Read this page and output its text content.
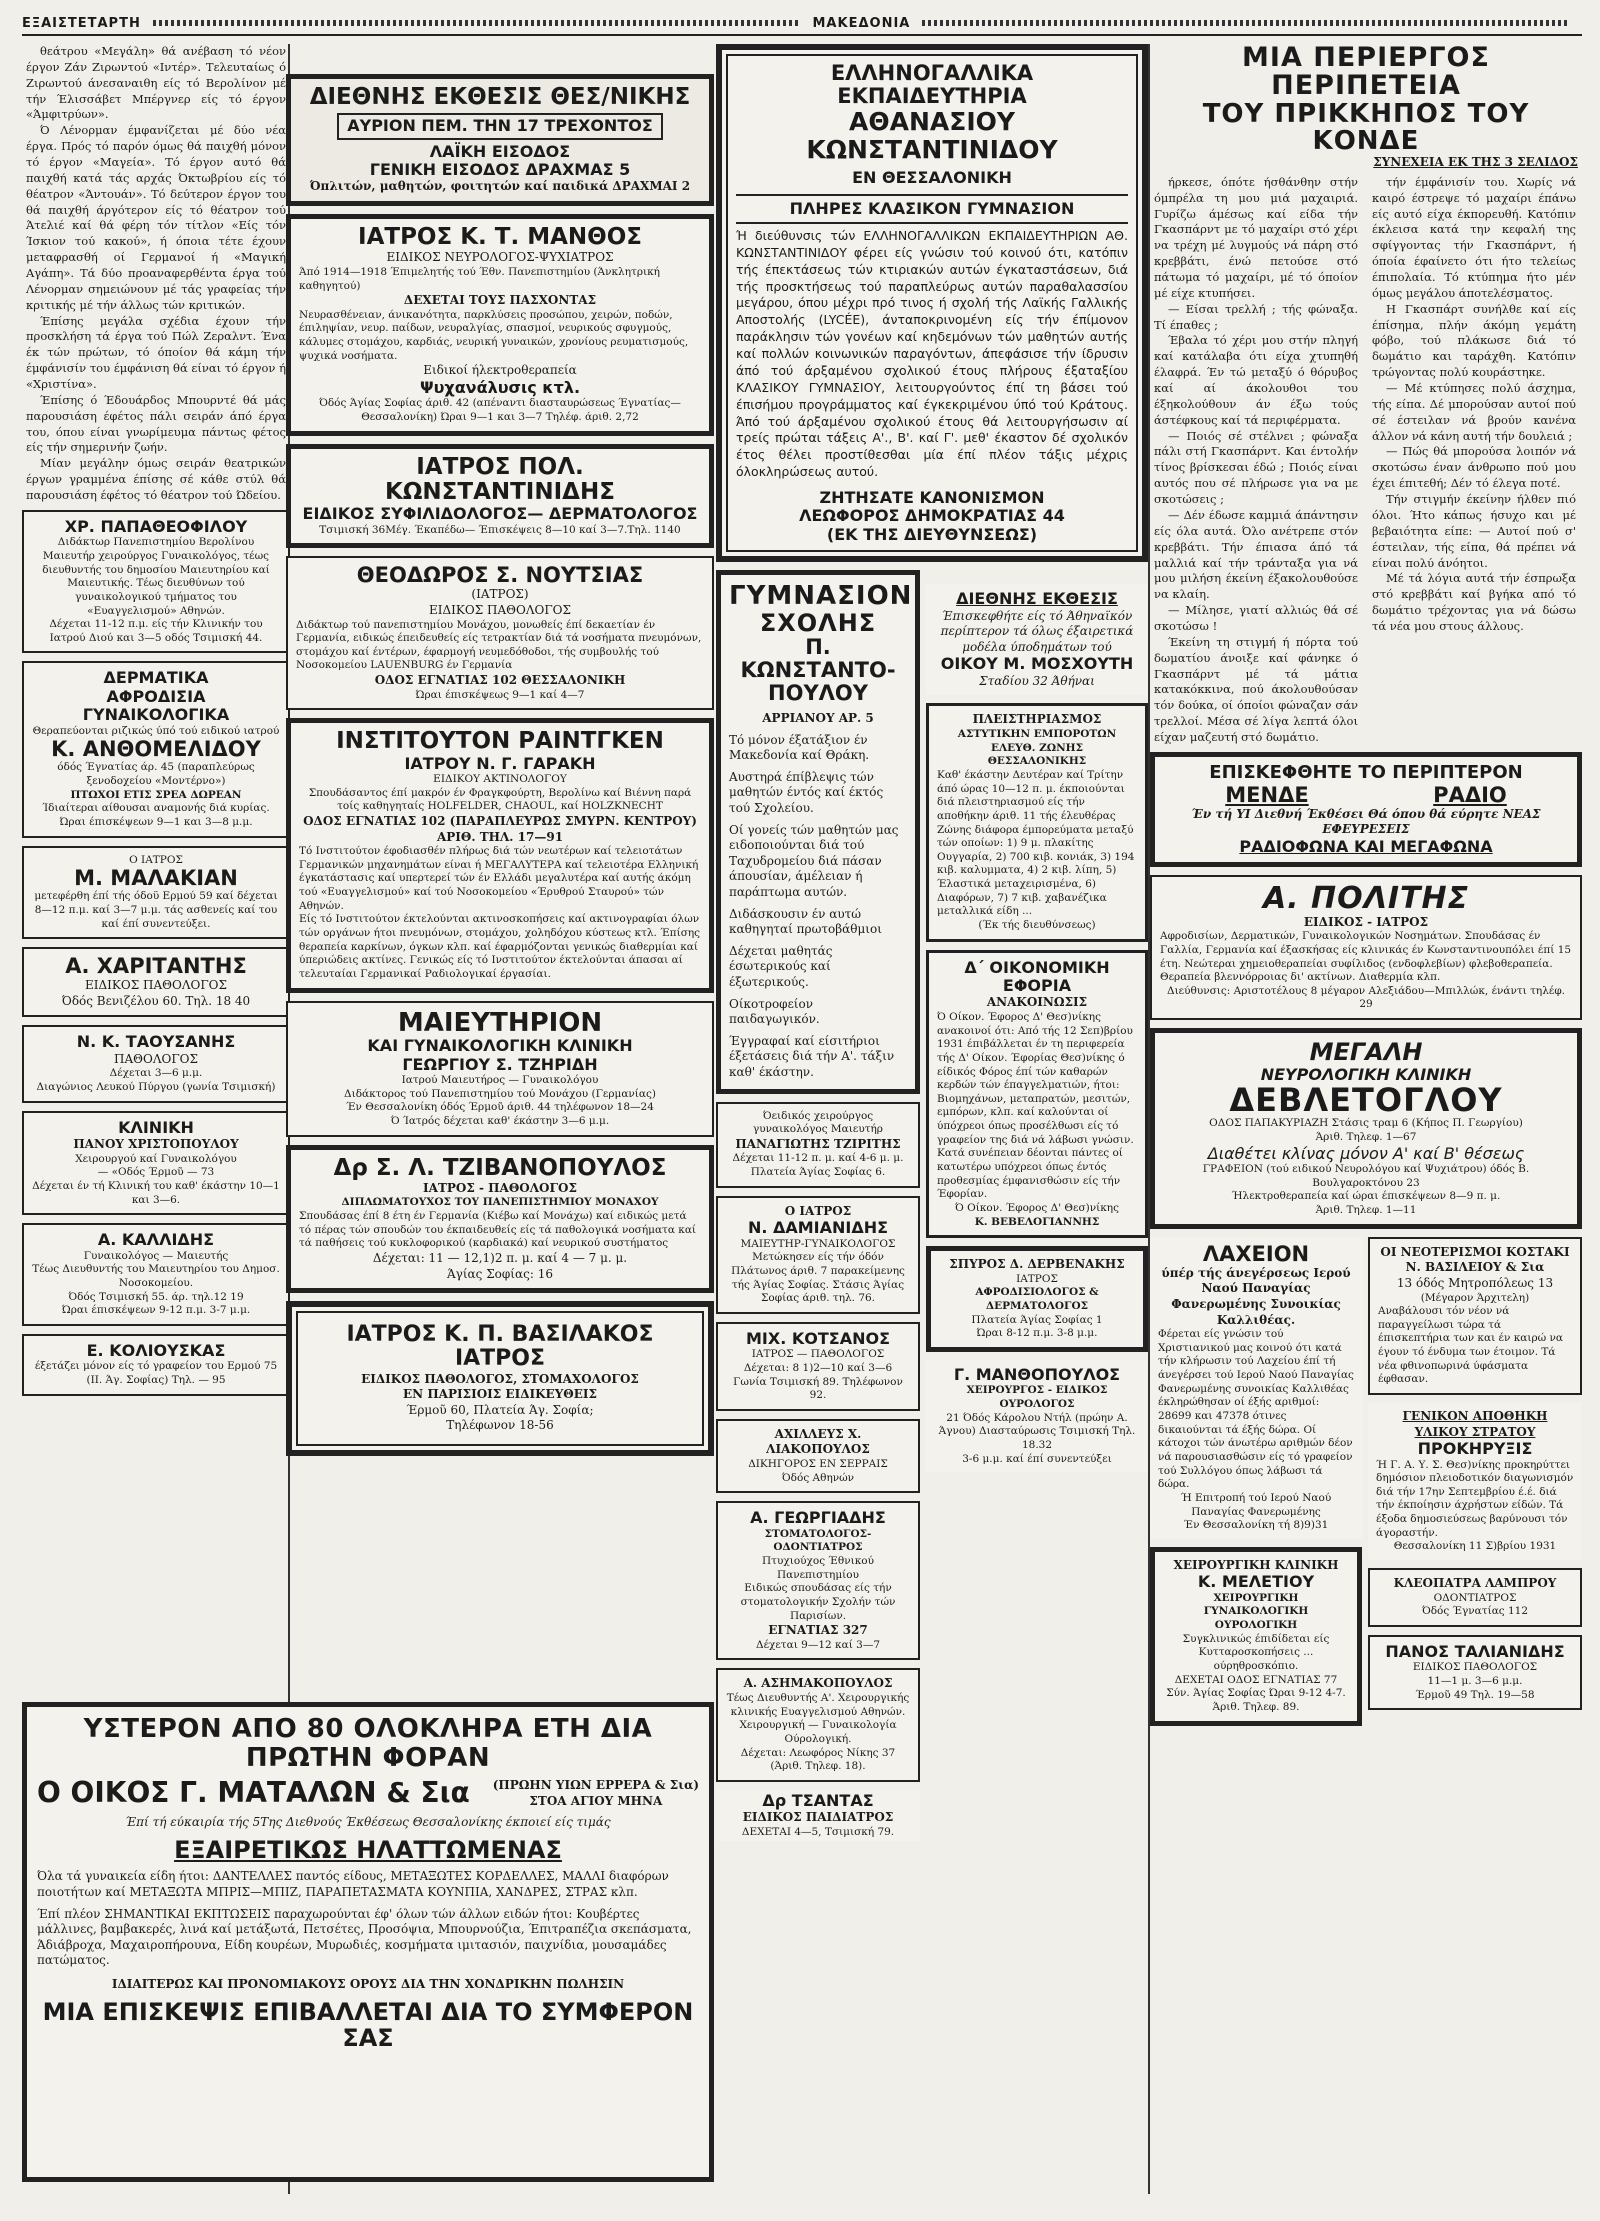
ΕΞΑΙΣΤΕΤΑΡΤΗ	ΜΑΚΕΔΟΝΙΑ

θεάτρου «Μεγάλη» θά ανέβαση τό νέον έργον Ζάν Ζιρωντού «Ιντέρ». Τελευταίως ό Ζιρωντού άνεσαναιθη είς τό Βερολίνον μέ τήν Έλισσάβετ Μπέργνερ είς τό έργον «Άμφιτρύων».

Ό Λένορμαν έμφανίζεται μέ δύο νέα έργα. Πρός τό παρόν όμως θά παιχθή μόνον τό έργον «Μαγεία». Τό έργον αυτό θά παιχθή κατά τάς αρχάς Όκτωβρίου είς τό θέατρον «Άντουάν». Τό δεύτερον έργον του θά παιχθή άργότερον είς τό θέατρον τού Άτελιέ καί θά φέρη τόν τίτλον «Είς τόν Ίσκιον τού κακού», ή όποια τέτε έχουν μεταφρασθή οί Γερμανοί ή «Μαγική Αγάπη». Τά δύο προαναφερθέντα έργα τού Λένορμαν σημειώνουν μέ τάς γραφείας τήν κριτικής μέ τήν άλλως τών κριτικών.

Έπίσης μεγάλα σχέδια έχουν τήν προσκλήση τά έργα τού Πώλ Ζεραλντ. Ένα έκ τών πρώτων, τό όποίον θά κάμη τήν έμφάνισίν του έμφάνιση θά είναι τό έργον ή «Χριστίνα».

Έπίσης ό Έδουάρδος Μπουρντέ θά μάς παρουσιάση έφέτος πάλι σειράν άπό έργα του, όπου είναι γνωρίμευμα πάντως φέτος είς τήν σημερινήν ζωήν.

Μίαν μεγάλην όμως σειράν θεατρικών έργων γραμμένα έπίσης σέ κάθε στύλ θά παρουσιάση έφέτος τό θέατρον τού Ώδείου.

ΧΡ. ΠΑΠΑΘΕΟΦΙΛΟΥ
Διδάκτωρ Πανεπιστημίου Βερολίνου Μαιευτήρ χειρούργος Γυναικολόγος, τέως διευθυντής του δημοσίου Μαιευτηρίου καί Μαιευτικής. Τέως διευθύνων τού γυναικολογικού τμήματος του «Ευαγγελισμού» Αθηνών.
Δέχεται 11-12 π.μ. είς τήν Κλινικήν του Ιατρού Διού και 3—5 οδός Τσιμισκή 44.
ΔΕΡΜΑΤΙΚΑ
ΑΦΡΟΔΙΣΙΑ
ΓΥΝΑΙΚΟΛΟΓΙΚΑ
Θεραπεύονται ριζικώς ύπό τού ειδικού ιατρού
Κ. ΑΝΘΟΜΕΛΙΔΟΥ
όδός Έγνατίας άρ. 45 (παραπλεύρως ξενοδοχείου «Μοντέρνο»)
ΠΤΩΧΟΙ ΕΤΙΣ ΣΡΕΑ ΔΩΡΕΑΝ
Ίδιαίτεραι αίθουσαι αναμονής διά κυρίας.
Ώραι έπισκέψεων 9—1 και 3—8 μ.μ.
Ο ΙΑΤΡΟΣ
Μ. ΜΑΛΑΚΙΑΝ
μετεφέρθη έπί τής όδοϋ Ερμού 59 καί δέχεται 8—12 π.μ. καί 3—7 μ.μ. τάς ασθενείς καί του καί έπί συνεντεύξει.
Α. ΧΑΡΙΤΑΝΤΗΣ
ΕΙΔΙΚΟΣ ΠΑΘΟΛΟΓΟΣ
Όδός Βενιζέλου 60. Τηλ. 18 40
Ν. Κ. ΤΑΟΥΣΑΝΗΣ
ΠΑΘΟΛΟΓΟΣ
Δέχεται 3—6 μ.μ.
Διαγώνιος Λευκού Πύργου (γωνία Τσιμισκή)
ΚΛΙΝΙΚΗ
ΠΑΝΟΥ ΧΡΙΣΤΟΠΟΥΛΟΥ
Χειρουργού καί Γυναικολόγου
— «Οδός Έρμοῦ — 73
Δέχεται έν τή Κλινική του καθ' έκάστην 10—1 και 3—6.
Α. ΚΑΛΛΙΔΗΣ
Γυναικολόγος — Μαιευτής
Τέως Διευθυντής του Μαιευτηρίου του Δημοσ. Νοσοκομείου.
Όδός Τσιμισκή 55. άρ. τηλ.12 19
Ώραι έπισκέψεων 9-12 π.μ. 3-7 μ.μ.
Ε. ΚΟΛΙΟΥΣΚΑΣ
έξετάζει μόνον είς τό γραφείον του Ερμού 75 (II. Άγ. Σοφίας) Τηλ. — 95
ΔΙΕΘΝΗΣ ΕΚΘΕΣΙΣ ΘΕΣ/ΝΙΚΗΣ
ΑΥΡΙΟΝ ΠΕΜ. ΤΗΝ 17 ΤΡΕΧΟΝΤΟΣ
ΛΑΪΚΗ ΕΙΣΟΔΟΣ
ΓΕΝΙΚΗ ΕΙΣΟΔΟΣ ΔΡΑΧΜΑΣ 5
Όπλιτών, μαθητών, φοιτητών καί παιδικά ΔΡΑΧΜΑΙ 2
ΙΑΤΡΟΣ Κ. Τ. ΜΑΝΘΟΣ
ΕΙΔΙΚΟΣ ΝΕΥΡΟΛΟΓΟΣ-ΨΥΧΙΑΤΡΟΣ
Άπό 1914—1918 Έπιμελητής τού Έθν. Πανεπιστημίου (Άνκλητρική καθηγητού)
ΔΕΧΕΤΑΙ ΤΟΥΣ ΠΑΣΧΟΝΤΑΣ
Νευρασθένειαν, άνικανότητα, παρκλύσεις προσώπου, χειρών, ποδών, έπιληψίαν, νευρ. παίδων, νευραλγίας, σπασμοί, νευρικούς σφυγμούς, κάλυμες στομάχου, καρδιάς, νευρική γυναικών, χρονίους ρευματισμούς, ψυχικά νοσήματα.
Ειδικοί ήλεκτροθεραπεία
Ψυχανάλυσις κτλ.
Όδός Άγίας Σοφίας άριθ. 42 (απέναντι διασταυρώσεως Έγνατίας—Θεσσαλονίκη) Ώραι 9—1 και 3—7 Τηλέφ. άριθ. 2,72
ΙΑΤΡΟΣ ΠΟΛ. ΚΩΝΣΤΑΝΤΙΝΙΔΗΣ
ΕΙΔΙΚΟΣ ΣΥΦΙΛΙΔΟΛΟΓΟΣ— ΔΕΡΜΑΤΟΛΟΓΟΣ
Τσιμισκή 36Μέγ. Έκαπέδω— Έπισκέψεις 8—10 καί 3—7.Τηλ. 1140
ΘΕΟΔΩΡΟΣ Σ. ΝΟΥΤΣΙΑΣ
(ΙΑΤΡΟΣ)
ΕΙΔΙΚΟΣ ΠΑΘΟΛΟΓΟΣ
Διδάκτωρ τού πανεπιστημίου Μονάχου, μονωθείς έπί δεκαετίαν έν Γερμανία, ειδικώς έπειδευθείς είς τετρακτίαν διά τά νοσήματα πνευμόνων, στομάχου καί έντέρων, έφαρμογή νευμεδόθοδοι, τής συμβουλής τού Νοσοκομείου LAUENBURG έν Γερμανία
ΟΔΟΣ ΕΓΝΑΤΙΑΣ 102 ΘΕΣΣΑΛΟΝΙΚΗ
Ώραι έπισκέψεως 9—1 καί 4—7
ΙΝΣΤΙΤΟΥΤΟΝ ΡΑΙΝΤΓΚΕΝ
ΙΑΤΡΟΥ Ν. Γ. ΓΑΡΑΚΗ
ΕΙΔΙΚΟΥ ΑΚΤΙΝΟΛΟΓΟΥ
Σπουδάσαντος έπί μακρόν έν Φραγκφούρτη, Βερολίνω καί Βιέννη παρά τοίς καθηγηταίς HOLFELDER, CHAOUL, καί HOLZKNECHT
ΟΔΟΣ ΕΓΝΑΤΙΑΣ 102 (ΠΑΡΑΠΛΕΥΡΩΣ ΣΜΥΡΝ. ΚΕΝΤΡΟΥ)
ΑΡΙΘ. ΤΗΛ. 17—91
Τό Ινστιτούτον έφοδιασθέν πλήρως διά τών νεωτέρων καί τελειοτάτων Γερμανικών μηχανημάτων είναι ή ΜΕΓΑΛΥΤΕΡΑ καί τελειοτέρα Ελληνική έγκατάστασις καί υπερτερεί τών έν Ελλάδι μεγαλυτέρα καί αυτής άκόμη τού «Ευαγγελισμού» καί τού Νοσοκομείου «Έρυθρού Σταυρού» τών Αθηνών.
Είς τό Ινστιτούτον έκτελούνται ακτινοσκοπήσεις καί ακτινογραφίαι όλων τών οργάνων ήτοι πνευμόνων, στομάχου, χοληδόχου κύστεως κτλ. Έπίσης θεραπεία καρκίνων, όγκων κλπ. καί έφαρμόζονται γενικώς διαθερμίαι καί ύπεριώδεις ακτίνες. Γενικώς είς τό Ινστιτούτον έκτελούνται άπασαι αί τελευταίαι Γερμανικαί Ραδιολογικαί έργασίαι.
ΜΑΙΕΥΤΗΡΙΟΝ
ΚΑΙ ΓΥΝΑΙΚΟΛΟΓΙΚΗ ΚΛΙΝΙΚΗ
ΓΕΩΡΓΙΟΥ Σ. ΤΖΗΡΙΔΗ
Ιατρού Μαιευτήρος — Γυναικολόγου
Διδάκτορος τού Πανεπιστημίου τού Μονάχου (Γερμανίας)
Έν Θεσσαλονίκη όδός Έρμοῦ άριθ. 44 τηλέφωνον 18—24
Ό Ίατρός δέχεται καθ' έκάστην 3—6 μ.μ.
Δρ Σ. Λ. ΤΖΙΒΑΝΟΠΟΥΛΟΣ
ΙΑΤΡΟΣ - ΠΑΘΟΛΟΓΟΣ
ΔΙΠΛΩΜΑΤΟΥΧΟΣ ΤΟΥ ΠΑΝΕΠΙΣΤΗΜΙΟΥ ΜΟΝΑΧΟΥ
Σπουδάσας έπί 8 έτη έν Γερμανία (Κιέβω καί Μονάχω) καί ειδικώς μετά τό πέρας τών σπουδών του έκπαιδευθείς είς τά παθολογικά νοσήματα καί τά παθήσεις τού κυκλοφορικού (καρδιακά) καί νευρικού συστήματος
Δέχεται: 11 — 12,1)2 π. μ. καί 4 — 7 μ. μ.
Άγίας Σοφίας: 16
ΙΑΤΡΟΣ Κ. Π. ΒΑΣΙΛΑΚΟΣ ΙΑΤΡΟΣ
ΕΙΔΙΚΟΣ ΠΑΘΟΛΟΓΟΣ, ΣΤΟΜΑΧΟΛΟΓΟΣ
ΕΝ ΠΑΡΙΣΙΟΙΣ ΕΙΔΙΚΕΥΘΕΙΣ
Έρμοῦ 60, Πλατεία Άγ. Σοφία;
Τηλέφωνον 18-56
ΥΣΤΕΡΟΝ ΑΠΟ 80 ΟΛΟΚΛΗΡΑ ΕΤΗ ΔΙΑ ΠΡΩΤΗΝ ΦΟΡΑΝ
Ο ΟΙΚΟΣ Γ. ΜΑΤΑΛΩΝ & Σια (ΠΡΩΗΝ ΥΙΩΝ ΕΡΡΕΡΑ & Σια)
ΣΤΟΑ ΑΓΙΟΥ ΜΗΝΑ
Έπί τή εύκαιρία τής 5Της Διεθνούς Έκθέσεως Θεσσαλονίκης έκποιεί είς τιμάς
ΕΞΑΙΡΕΤΙΚΩΣ ΗΛΑΤΤΩΜΕΝΑΣ
Όλα τά γυναικεία είδη ήτοι: ΔΑΝΤΕΛΛΕΣ παντός είδους, ΜΕΤΑΞΩΤΕΣ ΚΟΡΔΕΛΛΕΣ, ΜΑΛΛΙ διαφόρων ποιοτήτων καί ΜΕΤΑΞΩΤΑ ΜΠΡΙΣ—ΜΠΙΖ, ΠΑΡΑΠΕΤΑΣΜΑΤΑ ΚΟΥΝΠΙΑ, ΧΑΝΔΡΕΣ, ΣΤΡΑΣ κλπ.
Έπί πλέον ΣΗΜΑΝΤΙΚΑΙ ΕΚΠΤΩΣΕΙΣ παραχωρούνται έφ' όλων τών άλλων ειδών ήτοι: Κουβέρτες μάλλινες, βαμβακερές, λινά καί μετάξωτά, Πετσέτες, Προσόψια, Μπουρνούζια, Έπιτραπέζια σκεπάσματα, Άδιάβροχα, Μαχαιροπήρουνα, Είδη κουρέων, Μυρωδιές, κοσμήματα ιμιτασιόν, παιχνίδια, μουσαμάδες πατώματος.
ΙΔΙΑΙΤΕΡΩΣ ΚΑΙ ΠΡΟΝΟΜΙΑΚΟΥΣ ΟΡΟΥΣ ΔΙΑ ΤΗΝ ΧΟΝΔΡΙΚΗΝ ΠΩΛΗΣΙΝ
ΜΙΑ ΕΠΙΣΚΕΨΙΣ ΕΠΙΒΑΛΛΕΤΑΙ ΔΙΑ ΤΟ ΣΥΜΦΕΡΟΝ ΣΑΣ
ΕΛΛΗΝΟΓΑΛΛΙΚΑ ΕΚΠΑΙΔΕΥΤΗΡΙΑ
ΑΘΑΝΑΣΙΟΥ ΚΩΝΣΤΑΝΤΙΝΙΔΟΥ
ΕΝ ΘΕΣΣΑΛΟΝΙΚΗ
ΠΛΗΡΕΣ ΚΛΑΣΙΚΟΝ ΓΥΜΝΑΣΙΟΝ
Ή διεύθυνσις τών ΕΛΛΗΝΟΓΑΛΛΙΚΩΝ ΕΚΠΑΙΔΕΥΤΗΡΙΩΝ ΑΘ. ΚΩΝΣΤΑΝΤΙΝΙΔΟΥ φέρει είς γνώσιν τού κοινού ότι, κατόπιν τής έπεκτάσεως τών κτιριακών αυτών έγκαταστάσεων, διά τής προσκτήσεως τού παραπλεύρως αυτών παραθαλασσίου μεγάρου, όπου μέχρι πρό τινος ή σχολή τής Λαϊκής Γαλλικής Αποστολής (LYCÉE), άνταποκρινομένη είς τήν έπίμονον παράκλησιν τών γονέων καί κηδεμόνων τών μαθητών αυτής καί πολλών κοινωνικών παραγόντων, άπεφάσισε τήν ίδρυσιν άπό τού άρξαμένου σχολικού έτους πλήρους έξαταξίου ΚΛΑΣΙΚΟΥ ΓΥΜΝΑΣΙΟΥ, λειτουργούντος έπί τη βάσει τού έπισήμου προγράμματος καί έγκεκριμένου ύπό τού Κράτους. Άπό τού άρξαμένου σχολικού έτους θά λειτουργήσωσιν αί τρείς πρώται τάξεις Α'., Β'. καί Γ'. μεθ' έκαστον δέ σχολικόν έτος θέλει προστίθεσθαι μία έπί πλέον τάξις μέχρις όλοκληρώσεως αυτού.
ΖΗΤΗΣΑΤΕ ΚΑΝΟΝΙΣΜΟΝ
ΛΕΩΦΟΡΟΣ ΔΗΜΟΚΡΑΤΙΑΣ 44
(ΕΚ ΤΗΣ ΔΙΕΥΘΥΝΣΕΩΣ)
ΓΥΜΝΑΣΙΟΝ
ΣΧΟΛΗΣ
Π. ΚΩΝΣΤΑΝΤΟ-ΠΟΥΛΟΥ
ΑΡΡΙΑΝΟΥ ΑΡ. 5
Τό μόνον έξατάξιον έν Μακεδονία καί Θράκη.
Αυστηρά έπίβλεψις τών μαθητών έντός καί έκτός τού Σχολείου.
Οί γονείς τών μαθητών μας ειδοποιούνται διά τού Ταχυδρομείου διά πάσαν άπουσίαν, άμέλειαν ή παράπτωμα αυτών.
Διδάσκουσιν έν αυτώ καθηγηταί πρωτοβάθμιοι
Δέχεται μαθητάς έσωτερικούς καί έξωτερικούς.
Οίκοτροφείον παιδαγωγικόν.
Έγγραφαί καί είσιτήριοι έξετάσεις διά τήν Α'. τάξιν καθ' έκάστην.
Όειδικός χειρούργος γυναικολόγος Μαιευτήρ
ΠΑΝΑΓΙΩΤΗΣ ΤΖΙΡΙΤΗΣ
Δέχεται 11-12 π. μ. καί 4-6 μ. μ.
Πλατεία Άγίας Σοφίας 6.
Ο ΙΑΤΡΟΣ
Ν. ΔΑΜΙΑΝΙΔΗΣ
ΜΑΙΕΥΤΗΡ-ΓΥΝΑΙΚΟΛΟΓΟΣ
Μετώκησεν είς τήν όδόν Πλάτωνος άριθ. 7 παρακείμενης τής Άγίας Σοφίας. Στάσις Άγίας Σοφίας άριθ. τηλ. 76.
ΜΙΧ. ΚΟΤΣΑΝΟΣ
ΙΑΤΡΟΣ — ΠΑΘΟΛΟΓΟΣ
Δέχεται: 8 1)2—10 καί 3—6 Γωνία Τσιμισκή 89. Τηλέφωνον 92.
ΑΧΙΛΛΕΥΣ Χ. ΛΙΑΚΟΠΟΥΛΟΣ
ΔΙΚΗΓΟΡΟΣ ΕΝ ΣΕΡΡΑΙΣ
Όδός Αθηνών
Α. ΓΕΩΡΓΙΑΔΗΣ
ΣΤΟΜΑΤΟΛΟΓΟΣ-ΟΔΟΝΤΙΑΤΡΟΣ
Πτυχιούχος Έθνικού Πανεπιστημίου
Ειδικώς σπουδάσας είς τήν στοματολογικήν Σχολήν τών Παρισίων.
ΕΓΝΑΤΙΑΣ 327
Δέχεται 9—12 καί 3—7
Α. ΑΣΗΜΑΚΟΠΟΥΛΟΣ
Τέως Διευθυντής Α'. Χειρουργικής κλινικής Ευαγγελισμού Αθηνών.
Χειρουργική — Γυναικολογία Ούρολογική.
Δέχεται: Λεωφόρος Νίκης 37 (Άριθ. Τηλεφ. 18).
Δρ ΤΣΑΝΤΑΣ
ΕΙΔΙΚΟΣ ΠΑΙΔΙΑΤΡΟΣ
ΔΕΧΕΤΑΙ 4—5, Τσιμισκή 79.
ΔΙΕΘΝΗΣ ΕΚΘΕΣΙΣ
Έπισκεφθήτε είς τό Άθηναϊκόν περίπτερον τά όλως έξαιρετικά μοδέλα ύποδημάτων τού
ΟΙΚΟΥ Μ. ΜΟΣΧΟΥΤΗ
Σταδίου 32 Άθήναι
ΠΛΕΙΣΤΗΡΙΑΣΜΟΣ
ΑΣΤΥΤΙΚΗΝ ΕΜΠΟΡΟΤΩΝ ΕΛΕΥΘ. ΖΩΝΗΣ
ΘΕΣΣΑΛΟΝΙΚΗΣ
Καθ' έκάστην Δευτέραν καί Τρίτην άπό ώρας 10—12 π. μ. έκποιούνται διά πλειστηριασμού είς τήν αποθήκην άριθ. 11 τής έλευθέρας Ζώνης διάφορα έμπορεύματα μεταξύ τών οποίων: 1) 9 μ. πλακίτης Ουγγαρία, 2) 700 κιβ. κονιάκ, 3) 194 κιβ. καλυμματα, 4) 2 κιβ. λίπη, 5) Έλαστικά μεταχειρισμένα, 6) Διαφόρων, 7) 7 κιβ. χαβανέζικα μεταλλικά είδη ...
(Έκ τής διευθύνσεως)
Δ΄ ΟΙΚΟΝΟΜΙΚΗ ΕΦΟΡΙΑ
ΑΝΑΚΟΙΝΩΣΙΣ
Ό Οίκον. Έφορος Δ' Θεσ)νίκης ανακοινοί ότι: Από τής 12 Σεπ)βρίου 1931 έπιβάλλεται έν τη περιφερεία τής Δ' Οίκον. Έφορίας Θεσ)νίκης ό είδικός Φόρος έπί τών καθαρών κερδών τών έπαγγελματιών, ήτοι: Βιομηχάνων, μεταπρατών, μεσιτών, εμπόρων, κλπ. καί καλούνται οί ύπόχρεοι όπως προσέλθωσι είς τό γραφείον της διά νά λάβωσι γνώσιν. Κατά συνέπειαν δέονται πάντες οί κατωτέρω υπόχρεοι όπως έντός προθεσμίας έμφανισθώσιν είς τήν Έφορίαν.
Ό Οίκον. Έφορος Δ' Θεσ)νίκης
Κ. ΒΕΒΕΛΟΓΙΑΝΝΗΣ
ΣΠΥΡΟΣ Δ. ΔΕΡΒΕΝΑΚΗΣ
ΙΑΤΡΟΣ
ΑΦΡΟΔΙΣΙΟΛΟΓΟΣ & ΔΕΡΜΑΤΟΛΟΓΟΣ
Πλατεία Άγίας Σοφίας 1
Ώραι 8-12 π.μ. 3-8 μ.μ.
Γ. ΜΑΝΘΟΠΟΥΛΟΣ
ΧΕΙΡΟΥΡΓΟΣ - ΕΙΔΙΚΟΣ ΟΥΡΟΛΟΓΟΣ
21 Όδός Κάρολου Ντήλ (πρώην Α. Άγνου) Διασταύρωσις Τσιμισκή Τηλ. 18.32
3-6 μ.μ. καί έπί συνεντεύξει
ΜΙΑ ΠΕΡΙΕΡΓΟΣ ΠΕΡΙΠΕΤΕΙΑ
ΤΟΥ ΠΡΙΚΚΗΠΟΣ ΤΟΥ ΚΟΝΔΕ
ΣΥΝΕΧΕΙΑ ΕΚ ΤΗΣ 3 ΣΕΛΙΔΟΣ

ήρκεσε, όπότε ήσθάνθην στήν όμπρέλα τη μου μιά μαχαιριά. Γυρίζω άμέσως καί είδα τήν Γκασπάρντ με τό μαχαίρι στό χέρι να τρέχη μέ λυγμούς νά πάρη στό κρεββάτι, ένώ πετούσε στό πάτωμα τό μαχαίρι, μέ τό όποίον μέ είχε κτυπήσει.

— Είσαι τρελλή ; τής φώναξα. Τί έπαθες ;

Έβαλα τό χέρι μου στήν πληγή καί κατάλαβα ότι είχα χτυπηθή έλαφρά. Έν τώ μεταξύ ό θόρυβος καί αί άκολουθοι του έξηκολούθουν άν έξω τούς άστέφκους καί τά περιφέρματα.

— Ποιός σέ στέλνει ; φώναξα πάλι στή Γκασπάρντ. Και έντολήν τίνος βρίσκεσαι έδώ ; Ποιός είναι αυτός που σέ πλήρωσε για να με σκοτώσεις ;

— Δέν έδωσε καμμιά άπάντησιν είς όλα αυτά. Όλο ανέτρεπε στόν κρεββάτι. Τήν έπιασα άπό τά μαλλιά καί τήν τράνταξα για νά μου μιλήση έκείνη έξακολουθούσε να κλαίη.

— Μίλησε, γιατί αλλιώς θά σέ σκοτώσω !

Έκείνη τη στιγμή ή πόρτα τού δωματίου άνοιξε καί φάνηκε ό Γκασπάρντ μέ τά μάτια κατακόκκινα, πού άκολουθούσαν τόν δούκα, οί όποίοι φώναζαν σάν τρελλοί. Μέσα σέ λίγα λεπτά όλοι είχαν μαζευτή στό δωμάτιο.

τήν έμφάνισίν του. Χωρίς νά καιρό έστρεψε τό μαχαίρι έπάνω είς αυτό είχα έκπορευθή. Κατόπιν έκλεισα κατά την κεφαλή της σφίγγοντας τήν Γκασπάρντ, ή όποία έφαίνετο ότι ήτο τελείως έπιπολαία. Τό κτύπημα ήτο μέν όμως μεγάλου άποτελέσματος.

Η Γκασπάρτ συνήλθε καί είς έπίσημα, πλήν άκόμη γεμάτη φόβο, τού πλάκωσε διά τό δωμάτιο και ταράχθη. Κατόπιν τρώγοντας πολύ κουράστηκε.

— Μέ κτύπησες πολύ άσχημα, τής είπα. Δέ μπορούσαν αυτοί πού σέ έστειλαν νά βρούν κανένα άλλον νά κάνη αυτή τήν δουλειά ;

— Πώς θά μπορούσα λοιπόν νά σκοτώσω έναν άνθρωπο πού μου έχει έπιτεθή; Δέν τό έλεγα ποτέ.

Τήν στιγμήν έκείνην ήλθεν πιό όλοι. Ήτο κάπως ήσυχο και μέ βεβαιότητα είπε: — Αυτοί πού σ' έστειλαν, τής είπα, θά πρέπει νά είναι πολύ άνόητοι.

Μέ τά λόγια αυτά τήν έσπρωξα στό κρεββάτι καί βγήκα από τό δωμάτιο τρέχοντας για νά δώσω τά νέα μου στους άλλους.

ΕΠΙΣΚΕΦΘΗΤΕ ΤΟ ΠΕΡΙΠΤΕΡΟΝ
ΜΕΝΔΕ	ΡΑΔΙΟ
Έν τή ΥΙ Διεθνή Έκθέσει Θά όπου θά εύρητε ΝΕΑΣ ΕΦΕΥΡΕΣΕΙΣ
ΡΑΔΙΟΦΩΝΑ ΚΑΙ ΜΕΓΑΦΩΝΑ
Α. ΠΟΛΙΤΗΣ
ΕΙΔΙΚΟΣ - ΙΑΤΡΟΣ
Αφροδισίων, Δερματικών, Γυναικολογικών Νοσημάτων. Σπουδάσας έν Γαλλία, Γερμανία καί έξασκήσας είς κλινικάς έν Κωνσταντινουπόλει έπί 15 έτη. Νεώτεραι χημειοθεραπείαι συφίλιδος (ενδοφλεβίων) φλεβοθεραπεία. Θεραπεία βλεννόρροιας δι' ακτίνων. Διαθερμία κλπ.
Διεύθυνσις: Αριστοτέλους 8 μέγαρον Αλεξιάδου—Μπιλλώκ, ένάντι τηλέφ. 29
ΜΕΓΑΛΗ
ΝΕΥΡΟΛΟΓΙΚΗ ΚΛΙΝΙΚΗ
ΔΕΒΛΕΤΟΓΛΟΥ
ΟΔΟΣ ΠΑΠΑΚΥΡΙΑΖΗ Στάσις τραμ 6 (Κήπος Π. Γεωργίου)
Άριθ. Τηλεφ. 1—67
Διαθέτει κλίνας μόνον Α' καί Β' θέσεως
ΓΡΑΦΕΙΟΝ (τού ειδικού Νευρολόγου καί Ψυχιάτρου) όδός Β. Βουλγαροκτόνου 23
Ήλεκτροθεραπεία καί ώραι έπισκέψεων 8—9 π. μ.
Άριθ. Τηλεφ. 1—11
ΛΑΧΕΙΟΝ
ύπέρ τής άνεγέρσεως Ιερού Ναού Παναγίας Φανερωμένης Συνοικίας Καλλιθέας.
Φέρεται είς γνώσιν τού Χριστιανικού μας κοινού ότι κατά τήν κλήρωσιν τού Λαχείου έπί τή άνεγέρσει τού Ιερού Ναού Παναγίας Φανερωμένης συνοικίας Καλλιθέας έκληρώθησαν οί έξής αριθμοί: 28699 και 47378 ότινες δικαιούνται τά έξής δώρα. Οί κάτοχοι τών άνωτέρω αριθμών δέον νά παρουσιασθώσιν είς τό γραφείον τού Συλλόγου όπως λάβωσι τά δώρα.
Ή Επιτροπή τού Ιερού Ναού Παναγίας Φανερωμένης
Έν Θεσσαλονίκη τή 8)9)31
ΧΕΙΡΟΥΡΓΙΚΗ ΚΛΙΝΙΚΗ
Κ. ΜΕΛΕΤΙΟΥ
ΧΕΙΡΟΥΡΓΙΚΗ ΓΥΝΑΙΚΟΛΟΓΙΚΗ ΟΥΡΟΛΟΓΙΚΗ
Συγκλινικώς έπιδίδεται είς Κυτταροσκοπήσεις ... ούρηθροσκόπιο.
ΔΕΧΕΤΑΙ ΟΔΟΣ ΕΓΝΑΤΙΑΣ 77 Σύν. Άγίας Σοφίας Ώραι 9-12 4-7. Άριθ. Τηλεφ. 89.
ΟΙ ΝΕΟΤΕΡΙΣΜΟΙ ΚΟΣΤΑΚΙ Ν. ΒΑΣΙΛΕΙΟΥ & Σια
13 όδός Μητροπόλεως 13
(Μέγαρον Άρχιτελη)
Αναβάλουσι τόν νέον νά παραγγείλωσι τώρα τά έπισκεπτήρια των και έν καιρώ να έγουν τό ένδυμα των έτοιμον. Τά νέα φθινοπωρινά ύφάσματα έφθασαν.
ΓΕΝΙΚΟΝ ΑΠΟΘΗΚΗ ΥΛΙΚΟΥ ΣΤΡΑΤΟΥ
ΠΡΟΚΗΡΥΞΙΣ
Ή Γ. Α. Υ. Σ. Θεσ)νίκης προκηρύττει δημόσιον πλειοδοτικόν διαγωνισμόν διά τήν 17ην Σεπτεμβρίου έ.έ. διά τήν έκποίησιν άχρήστων είδών. Τά έξοδα δημοσιεύσεως βαρύνουσι τόν άγοραστήν.
Θεσσαλονίκη 11 Σ)βρίου 1931
ΚΛΕΟΠΑΤΡΑ ΛΑΜΠΡΟΥ
ΟΔΟΝΤΙΑΤΡΟΣ
Όδός Έγνατίας 112
ΠΑΝΟΣ ΤΑΛΙΑΝΙΔΗΣ
ΕΙΔΙΚΟΣ ΠΑΘΟΛΟΓΟΣ
11—1 μ. 3—6 μ.μ.
Έρμοῦ 49 Τηλ. 19—58
